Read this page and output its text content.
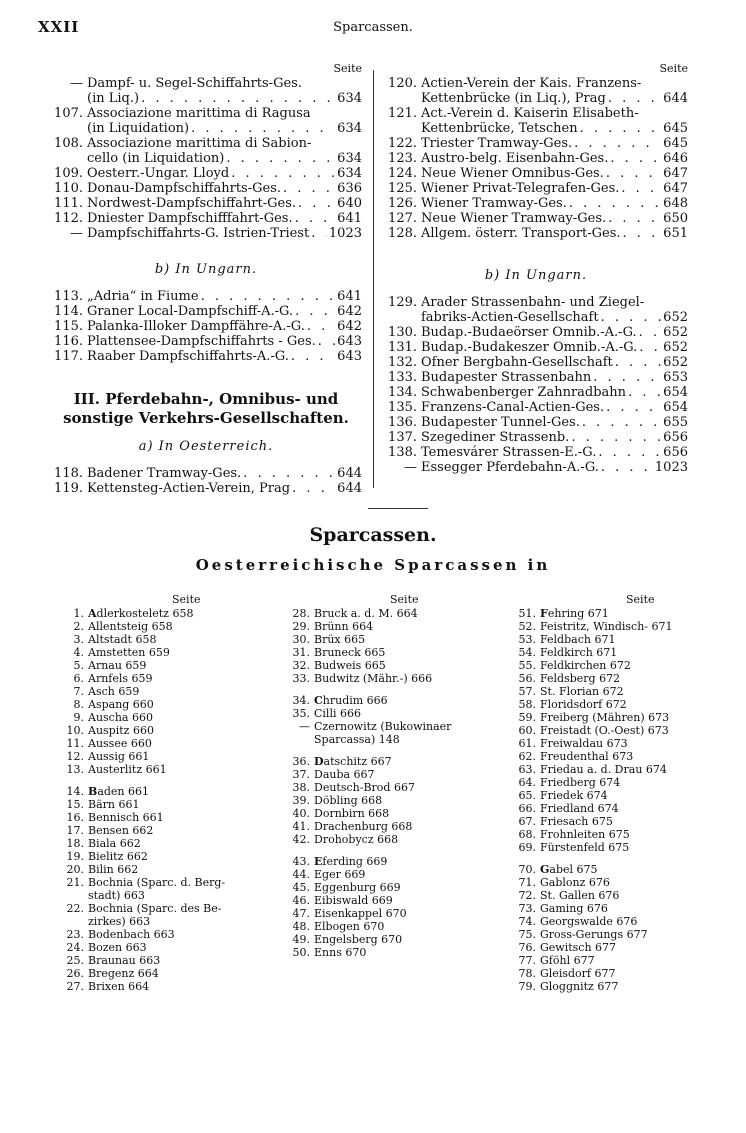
XXII	Sparcassen.
Seite
— Dampf- u. Segel-Schiffahrts-Ges.
(in Liq.) . . .	634
107. Associazione marittima di Ragusa
(in Liquidation) . . .	634
108. Associazione marittima di Sabion-
cello (in Liquidation) . . .	634
109. Oesterr.-Ungar. Lloyd . . .	634
110. Donau-Dampfschiffahrts-Ges. . . .	636
111. Nordwest-Dampfschiffahrt-Ges. . . .	640
112. Dniester Dampfschifffahrt-Ges. . . .	641
— Dampfschiffahrts-G. Istrien-Triest . . . 1023
b) In Ungarn.
113. „Adria“ in Fiume . . .	641
114. Graner Local-Dampfschiff-A.-G. . . .	642
115. Palanka-Illoker Dampffähre-A.-G. . . . 642
116. Plattensee-Dampfschiffahrts - Ges. . . . 643
117. Raaber Dampfschiffahrts-A.-G. . . .	643
III. Pferdebahn-, Omnibus- und
sonstige Verkehrs-Gesellschaften.
a) In Oesterreich.
118. Badener Tramway-Ges. . . .	644
119. Kettensteg-Actien-Verein, Prag . . .	644
Seite
120. Actien-Verein der Kais. Franzens-
Kettenbrücke (in Liq.), Prag . . .	644
121. Act.-Verein d. Kaiserin Elisabeth-
Kettenbrücke, Tetschen . . .	645
122. Triester Tramway-Ges. . . .	645
123. Austro-belg. Eisenbahn-Ges. . . .	646
124. Neue Wiener Omnibus-Ges. . . .	647
125. Wiener Privat-Telegrafen-Ges. . . .	647
126. Wiener Tramway-Ges. . . .	648
127. Neue Wiener Tramway-Ges. . . .	650
128. Allgem. österr. Transport-Ges. . . .	651
b) In Ungarn.
129. Arader Strassenbahn- und Ziegel-
fabriks-Actien-Gesellschaft . . .	652
130. Budap.-Budaeörser Omnib.-A.-G. . . . 652
131. Budap.-Budakeszer Omnib.-A.-G. . . . 652
132. Ofner Bergbahn-Gesellschaft . . .	652
133. Budapester Strassenbahn . . .	653
134. Schwabenberger Zahnradbahn . . .	654
135. Franzens-Canal-Actien-Ges. . . .	654
136. Budapester Tunnel-Ges. . . .	655
137. Szegediner Strassenb. . . .	656
138. Temesvárer Strassen-E.-G. . . .	656
— Essegger Pferdebahn-A.-G. . . .	1023
Sparcassen.
Oesterreichische Sparcassen in
Seite
1. Adlerkosteletz 658
2. Allentsteig 658
3. Altstadt 658
4. Amstetten 659
5. Arnau 659
6. Arnfels 659
7. Asch 659
8. Aspang 660
9. Auscha 660
10. Auspitz 660
11. Aussee 660
12. Aussig 661
13. Austerlitz 661
14. Baden 661
15. Bärn 661
16. Bennisch 661
17. Bensen 662
18. Biala 662
19. Bielitz 662
20. Bilin 662
21. Bochnia (Sparc. d. Berg-
stadt) 663
22. Bochnia (Sparc. des Be-
zirkes) 663
23. Bodenbach 663
24. Bozen 663
25. Braunau 663
26. Bregenz 664
27. Brixen 664
Seite
28. Bruck a. d. M. 664
29. Brünn 664
30. Brüx 665
31. Bruneck 665
32. Budweis 665
33. Budwitz (Mähr.-) 666
34. Chrudim 666
35. Cilli 666
— Czernowitz (Bukowinaer
Sparcassa) 148
36. Datschitz 667
37. Dauba 667
38. Deutsch-Brod 667
39. Döbling 668
40. Dornbirn 668
41. Drachenburg 668
42. Drohobycz 668
43. Eferding 669
44. Eger 669
45. Eggenburg 669
46. Eibiswald 669
47. Eisenkappel 670
48. Elbogen 670
49. Engelsberg 670
50. Enns 670
Seite
51. Fehring 671
52. Feistritz, Windisch- 671
53. Feldbach 671
54. Feldkirch 671
55. Feldkirchen 672
56. Feldsberg 672
57. St. Florian 672
58. Floridsdorf 672
59. Freiberg (Mähren) 673
60. Freistadt (O.-Oest) 673
61. Freiwaldau 673
62. Freudenthal 673
63. Friedau a. d. Drau 674
64. Friedberg 674
65. Friedek 674
66. Friedland 674
67. Friesach 675
68. Frohnleiten 675
69. Fürstenfeld 675
70. Gabel 675
71. Gablonz 676
72. St. Gallen 676
73. Gaming 676
74. Georgswalde 676
75. Gross-Gerungs 677
76. Gewitsch 677
77. Gföhl 677
78. Gleisdorf 677
79. Gloggnitz 677
